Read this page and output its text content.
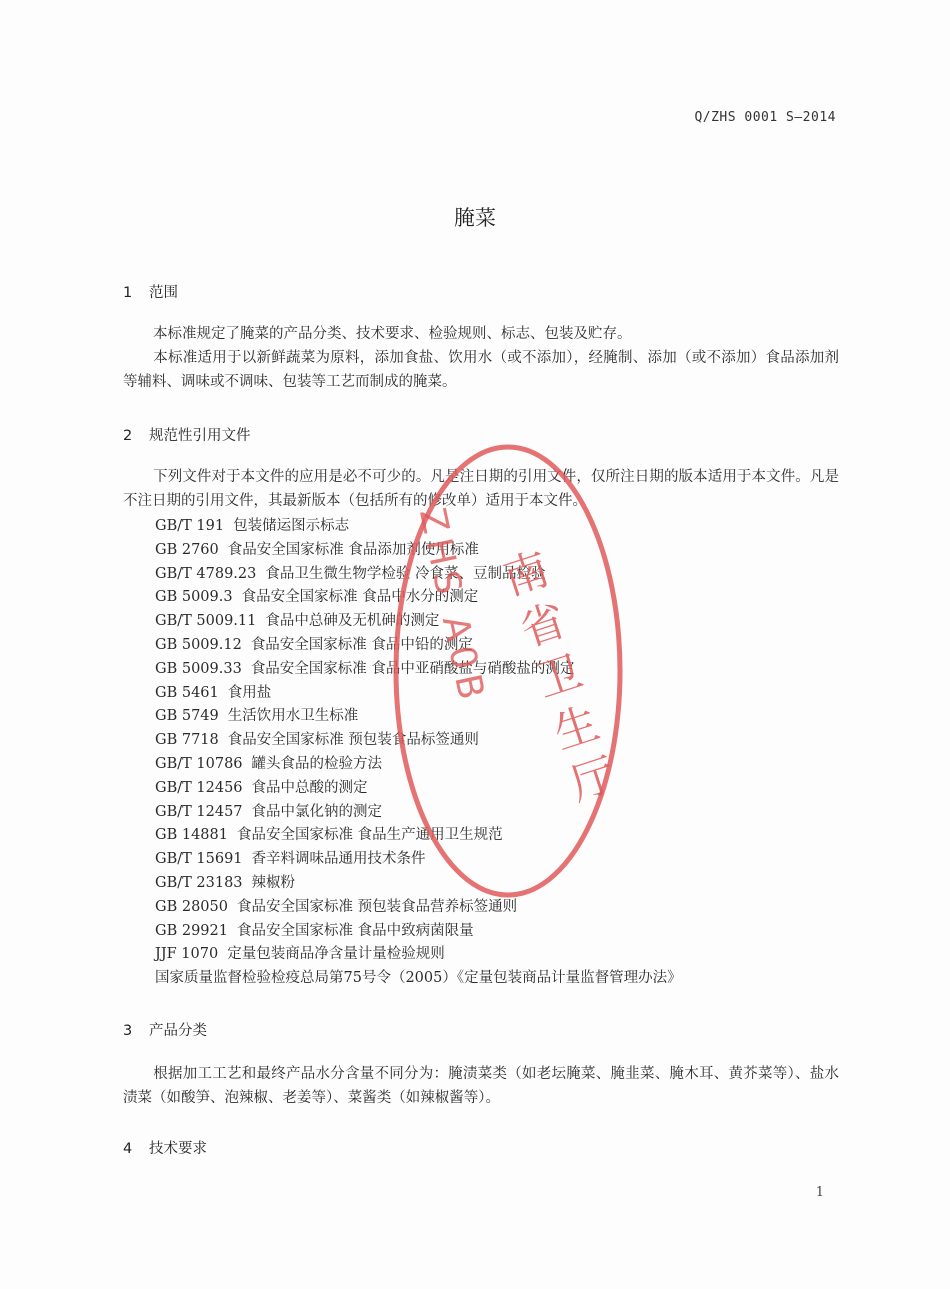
Q/ZHS 0001 S—2014
腌菜
1 范围
本标准规定了腌菜的产品分类、技术要求、检验规则、标志、包装及贮存。
本标准适用于以新鲜蔬菜为原料，添加食盐、饮用水（或不添加），经腌制、添加（或不添加）食品添加剂等辅料、调味或不调味、包装等工艺而制成的腌菜。
2 规范性引用文件
下列文件对于本文件的应用是必不可少的。凡是注日期的引用文件，仅所注日期的版本适用于本文件。凡是不注日期的引用文件，其最新版本（包括所有的修改单）适用于本文件。
GB/T 191 包装储运图示标志
GB 2760 食品安全国家标准 食品添加剂使用标准
GB/T 4789.23 食品卫生微生物学检验 冷食菜、豆制品检验
GB 5009.3 食品安全国家标准 食品中水分的测定
GB/T 5009.11 食品中总砷及无机砷的测定
GB 5009.12 食品安全国家标准 食品中铅的测定
GB 5009.33 食品安全国家标准 食品中亚硝酸盐与硝酸盐的测定
GB 5461 食用盐
GB 5749 生活饮用水卫生标准
GB 7718 食品安全国家标准 预包装食品标签通则
GB/T 10786 罐头食品的检验方法
GB/T 12456 食品中总酸的测定
GB/T 12457 食品中氯化钠的测定
GB 14881 食品安全国家标准 食品生产通用卫生规范
GB/T 15691 香辛料调味品通用技术条件
GB/T 23183 辣椒粉
GB 28050 食品安全国家标准 预包装食品营养标签通则
GB 29921 食品安全国家标准 食品中致病菌限量
JJF 1070 定量包装商品净含量计量检验规则
国家质量监督检验检疫总局第75号令（2005）《定量包装商品计量监督管理办法》
3 产品分类
根据加工工艺和最终产品水分含量不同分为：腌渍菜类（如老坛腌菜、腌韭菜、腌木耳、黄芥菜等）、盐水渍菜（如酸笋、泡辣椒、老姜等）、菜酱类（如辣椒酱等）。
4 技术要求
1
南省卫生厅
ZHS A0B
